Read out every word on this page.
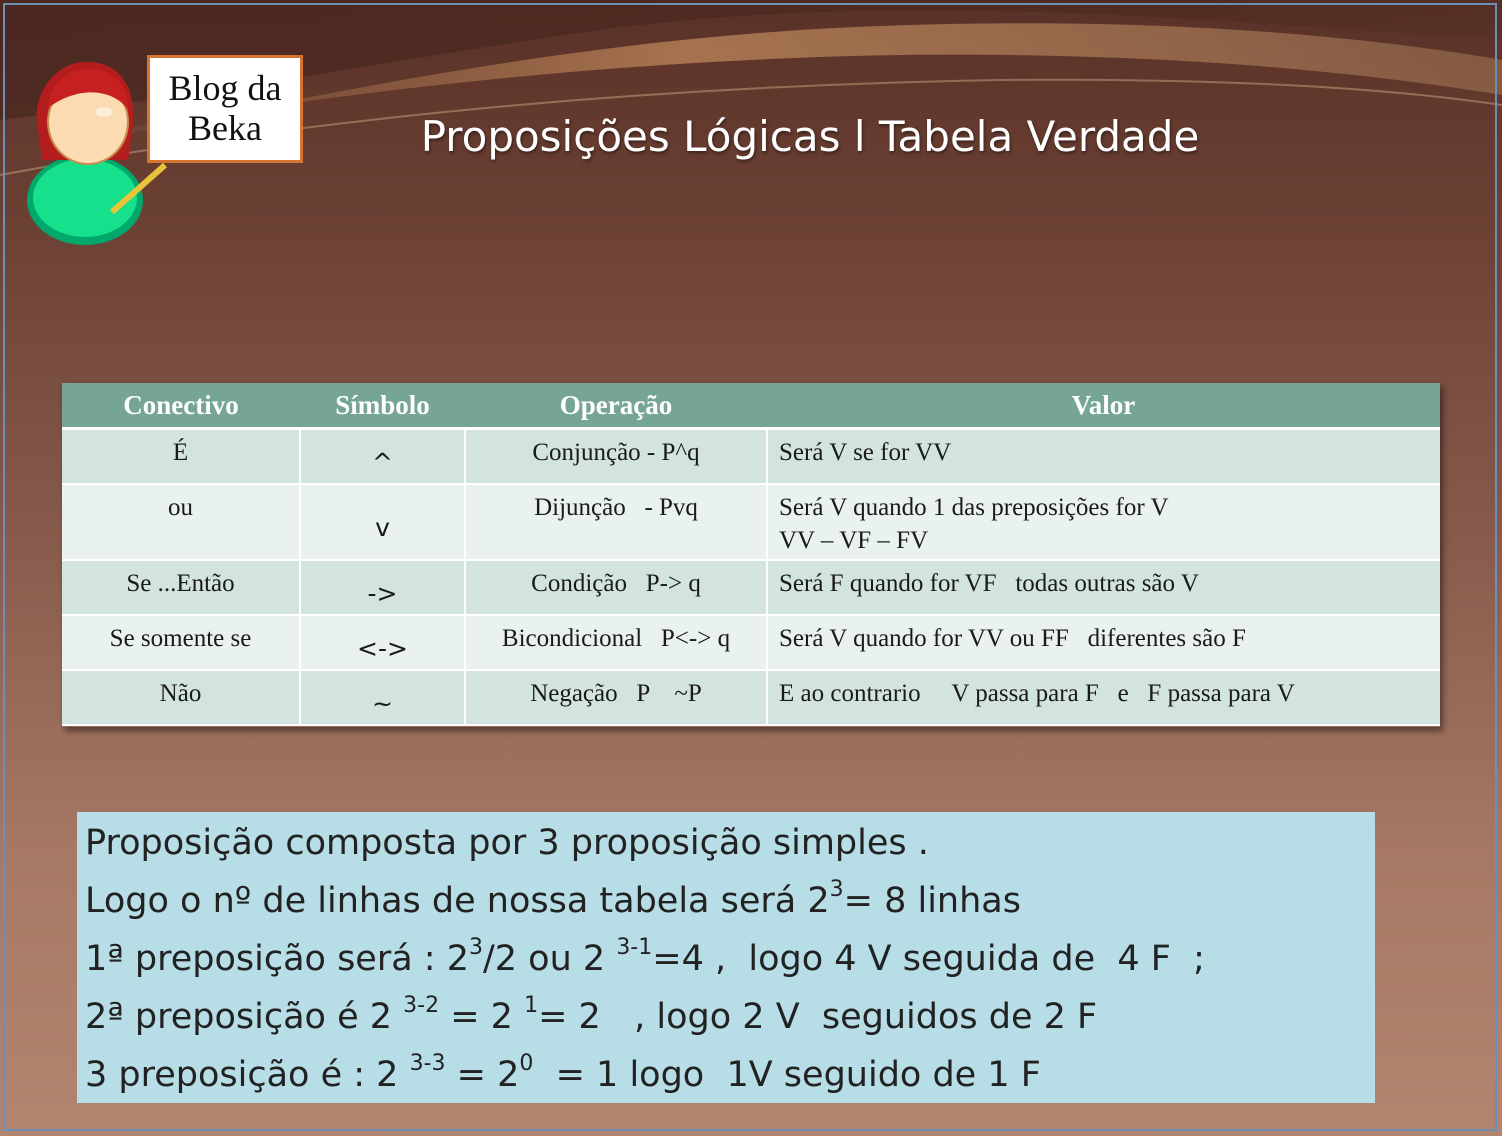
Proposições Lógicas l Tabela Verdade
Blog da
Beka
Conectivo	Símbolo	Operação	Valor
É	^	Conjunção - P^q	Será V se for VV

ou	v	Dijunção   - Pvq	Será V quando 1 das preposições for V
VV – VF – FV

Se ...Então	->	Condição   P-> q	Será F quando for VF   todas outras são V

Se somente se	<->	Bicondicional   P<-> q	Será V quando for VV ou FF   diferentes são F

Não	~	Negação   P    ~P	E ao contrario     V passa para F   e   F passa para V
Proposição composta por 3 proposição simples .
Logo o nº de linhas de nossa tabela será $2^3= 8$ linhas
1ª preposição será : $2^3/2$ ou 2 $^{3-1}$=4 ,  logo 4 V seguida de  4 F  ;
2ª preposição é 2 $^{3-2}$ = 2 $^1$= 2   , logo 2 V  seguidos de 2 F
3 preposição é : 2 $^{3-3} = 2^0 = 1$ logo  1V seguido de 1 F
